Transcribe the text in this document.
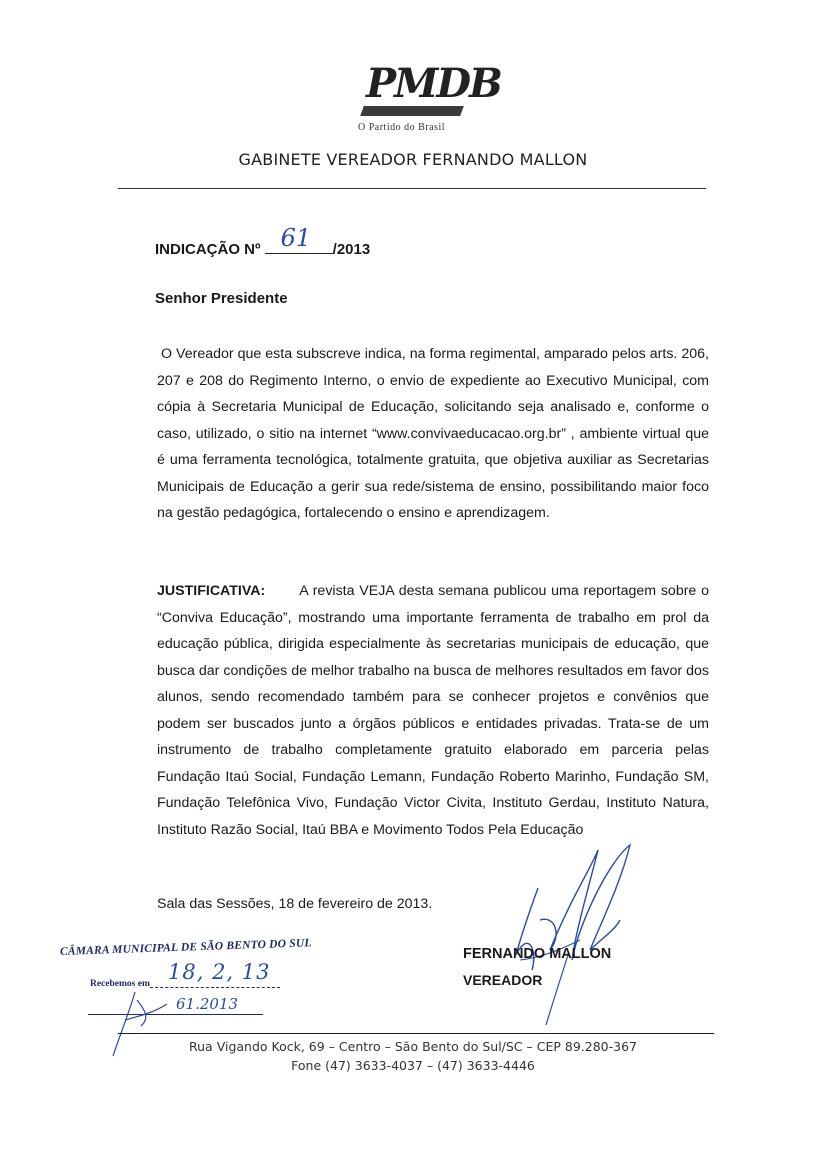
PMDB
O Partido do Brasil
GABINETE VEREADOR FERNANDO MALLON
INDICAÇÃO Nº 61 /2013
Senhor Presidente
O Vereador que esta subscreve indica, na forma regimental, amparado pelos arts. 206, 207 e 208 do Regimento Interno, o envio de expediente ao Executivo Municipal, com cópia à Secretaria Municipal de Educação, solicitando seja analisado e, conforme o caso, utilizado, o sitio na internet “www.convivaeducacao.org.br” , ambiente virtual que é uma ferramenta tecnológica, totalmente gratuita, que objetiva auxiliar as Secretarias Municipais de Educação a gerir sua rede/sistema de ensino, possibilitando maior foco na gestão pedagógica, fortalecendo o ensino e aprendizagem.
JUSTIFICATIVA: A revista VEJA desta semana publicou uma reportagem sobre o “Conviva Educação”, mostrando uma importante ferramenta de trabalho em prol da educação pública, dirigida especialmente às secretarias municipais de educação, que busca dar condições de melhor trabalho na busca de melhores resultados em favor dos alunos, sendo recomendado também para se conhecer projetos e convênios que podem ser buscados junto a órgãos públicos e entidades privadas. Trata-se de um instrumento de trabalho completamente gratuito elaborado em parceria pelas Fundação Itaú Social, Fundação Lemann, Fundação Roberto Marinho, Fundação SM, Fundação Telefônica Vivo, Fundação Victor Civita, Instituto Gerdau, Instituto Natura, Instituto Razão Social, Itaú BBA e Movimento Todos Pela Educação
Sala das Sessões, 18 de fevereiro de 2013.
FERNANDO MALLON
VEREADOR
CÂMARA MUNICIPAL DE SÃO BENTO DO SUL
Recebemos em 18, 2, 13
61.2013
Rua Vigando Kock, 69 – Centro – São Bento do Sul/SC – CEP 89.280-367
Fone (47) 3633-4037 – (47) 3633-4446
